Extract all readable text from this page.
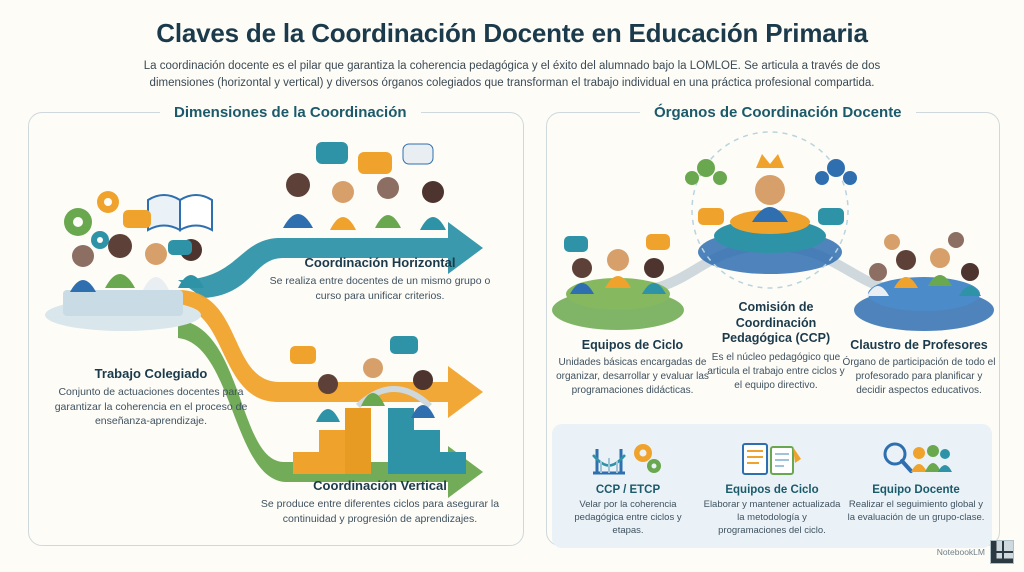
Claves de la Coordinación Docente en Educación Primaria
La coordinación docente es el pilar que garantiza la coherencia pedagógica y el éxito del alumnado bajo la LOMLOE. Se articula a través de dos dimensiones (horizontal y vertical) y diversos órganos colegiados que transforman el trabajo individual en una práctica profesional compartida.
Dimensiones de la Coordinación	Órganos de Coordinación Docente
Trabajo Colegiado
Conjunto de actuaciones docentes para garantizar la coherencia en el proceso de enseñanza-aprendizaje.
Coordinación Horizontal
Se realiza entre docentes de un mismo grupo o curso para unificar criterios.
Coordinación Vertical
Se produce entre diferentes ciclos para asegurar la continuidad y progresión de aprendizajes.
Equipos de Ciclo
Unidades básicas encargadas de organizar, desarrollar y evaluar las programaciones didácticas.
Comisión de Coordinación Pedagógica (CCP)
Es el núcleo pedagógico que articula el trabajo entre ciclos y el equipo directivo.
Claustro de Profesores
Órgano de participación de todo el profesorado para planificar y decidir aspectos educativos.
CCP / ETCP
Velar por la coherencia pedagógica entre ciclos y etapas.
Equipos de Ciclo
Elaborar y mantener actualizada la metodología y programaciones del ciclo.
Equipo Docente
Realizar el seguimiento global y la evaluación de un grupo-clase.
NotebookLM
